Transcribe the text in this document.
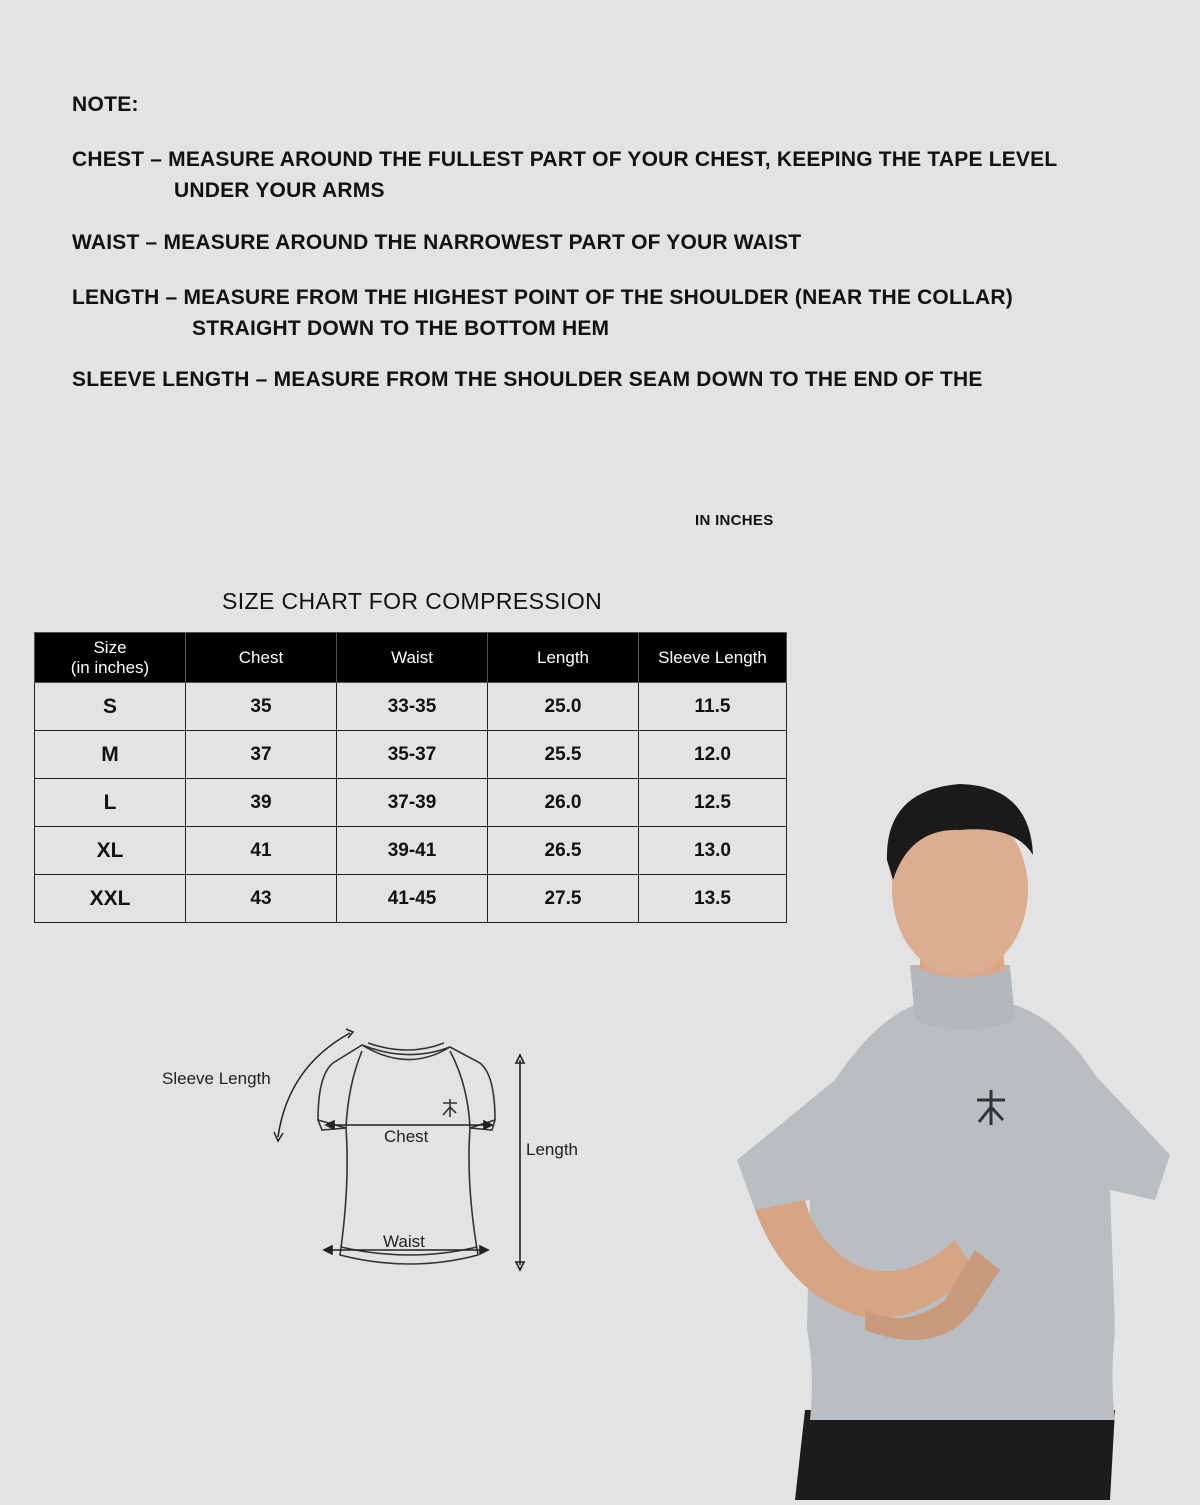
NOTE:
CHEST – MEASURE AROUND THE FULLEST PART OF YOUR CHEST, KEEPING THE TAPE LEVEL
UNDER YOUR ARMS
WAIST – MEASURE AROUND THE NARROWEST PART OF YOUR WAIST
LENGTH – MEASURE FROM THE HIGHEST POINT OF THE SHOULDER (NEAR THE COLLAR)
STRAIGHT DOWN TO THE BOTTOM HEM
SLEEVE LENGTH – MEASURE FROM THE SHOULDER SEAM DOWN TO THE END OF THE
IN INCHES
SIZE CHART FOR COMPRESSION
Size
(in inches)	Chest	Waist	Length	Sleeve Length
S	35	33-35	25.0	11.5
M	37	35-37	25.5	12.0
L	39	37-39	26.0	12.5
XL	41	39-41	26.5	13.0
XXL	43	41-45	27.5	13.5
Sleeve Length
Chest
Length
Waist
